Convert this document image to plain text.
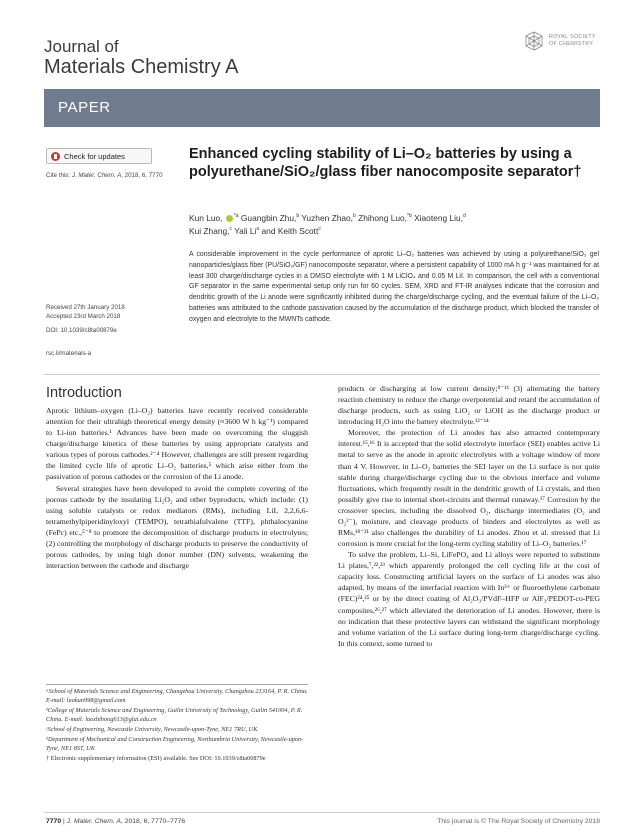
Journal of
Materials Chemistry A
ROYAL SOCIETY
OF CHEMISTRY
PAPER
Check for updates
Cite this: J. Mater. Chem. A, 2018, 6, 7770
Received 27th January 2018
Accepted 23rd March 2018
DOI: 10.1039/c8ta00879e
rsc.li/materials-a
Enhanced cycling stability of Li–O₂ batteries by using a polyurethane/SiO₂/glass fiber nanocomposite separator†
Kun Luo, $^{*a}$ Guangbin Zhu,$^b$ Yuzhen Zhao,$^b$ Zhihong Luo,$^{*b}$ Xiaoteng Liu,$^d$
Kui Zhang,$^c$ Yali Li$^a$ and Keith Scott$^c$
A considerable improvement in the cycle performance of aprotic Li–O₂ batteries was achieved by using a polyurethane/SiO₂ gel nanoparticles/glass fiber (PU/SiO₂/GF) nanocomposite separator, where a persistent capability of 1000 mA h g⁻¹ was maintained for at least 300 charge/discharge cycles in a DMSO electrolyte with 1 M LiClO₄ and 0.05 M LiI. In comparison, the cell with a conventional GF separator in the same experimental setup only run for 60 cycles. SEM, XRD and FT-IR analyses indicate that the corrosion and dendritic growth of the Li anode were significantly inhibited during the charge/discharge cycling, and the eventual failure of the Li–O₂ batteries was attributed to the cathode passivation caused by the accumulation of the discharge product, which blocked the transfer of oxygen and electrolyte to the MWNTs cathode.
Introduction

Aprotic lithium–oxygen (Li–O₂) batteries have recently received considerable attention for their ultrahigh theoretical energy density (≈3600 W h kg⁻¹) compared to Li-ion batteries.¹ Advances have been made on overcoming the sluggish charge/discharge kinetics of these batteries by using appropriate catalysts and various types of porous cathodes.²⁻⁴ However, challenges are still present regarding the limited cycle life of aprotic Li–O₂ batteries,⁵ which arise either from the passivation of porous cathodes or the corrosion of the Li anode.

Several strategies have been developed to avoid the complete covering of the porous cathode by the insulating Li₂O₂ and other byproducts, which include: (1) using soluble catalysts or redox mediators (RMs), including LiI, 2,2,6,6-tetramethylpiperidinyloxyl (TEMPO), tetrathiafulvalene (TTF), phthalocyanine (FePc) etc.,⁵⁻⁸ to promote the decomposition of discharge products in electrolytes; (2) controlling the morphology of discharge products to preserve the conductivity of porous cathodes, by using high donor number (DN) solvents, weakening the interaction between the cathode and discharge

products or discharging at low current density;⁹⁻¹¹ (3) alternating the battery reaction chemistry to reduce the charge overpotential and retard the accumulation of discharge products, such as using LiO₂ or LiOH as the discharge product or introducing H₂O into the battery electrolyte.¹²⁻¹⁴

Moreover, the protection of Li anodes has also attracted contemporary interest.¹⁵,¹⁶ It is accepted that the solid electrolyte interface (SEI) enables active Li metal to serve as the anode in aprotic electrolytes with a voltage window of more than 4 V. However, in Li–O₂ batteries the SEI layer on the Li surface is not quite stable during charge/discharge cycling due to the obvious interface and volume fluctuations, which frequently result in the dendritic growth of Li crystals, and then possibly give rise to internal short-circuits and thermal runaway.¹⁷ Corrosion by the crossover species, including the dissolved O₂, discharge intermediates (O₂ and O₂²⁻), moisture, and cleavage products of binders and electrolytes as well as RMs,¹⁸⁻²¹ also challenges the durability of Li anodes. Zhou et al. stressed that Li corrosion is more crucial for the long-term cycling stability of Li–O₂ batteries.¹⁷

To solve the problem, Li–Si, LiFePO₄ and Li alloys were reported to substitute Li plates,⁷,²²,²³ which apparently prolonged the cell cycling life at the cost of capacity loss. Constructing artificial layers on the surface of Li anodes was also adapted, by means of the interfacial reaction with In³⁺ or fluoroethylene carbonate (FEC)²⁴,²⁵ or by the direct coating of Al₂O₃/PVdF–HFP or AlF₃/PEDOT-co-PEG composites,²⁶,²⁷ which alleviated the deterioration of Li anodes. However, there is no indication that these protective layers can withstand the significant morphology and volume variation of the Li surface during long-term charge/discharge cycling. In this context, some turned to

ᵃSchool of Materials Science and Engineering, Changzhou University, Changzhou 213164, P. R. China. E-mail: luokun998@gmail.com

ᵇCollege of Materials Science and Engineering, Guilin University of Technology, Guilin 541004, P. R. China. E-mail: luozhihong613@glut.edu.cn

ᶜSchool of Engineering, Newcastle University, Newcastle-upon-Tyne, NE1 7RU, UK

ᵈDepartment of Mechanical and Construction Engineering, Northumbria University, Newcastle-upon-Tyne, NE1 8ST, UK

† Electronic supplementary information (ESI) available. See DOI: 10.1039/c8ta00879e

7770 | J. Mater. Chem. A, 2018, 6, 7770–7776	This journal is © The Royal Society of Chemistry 2018
